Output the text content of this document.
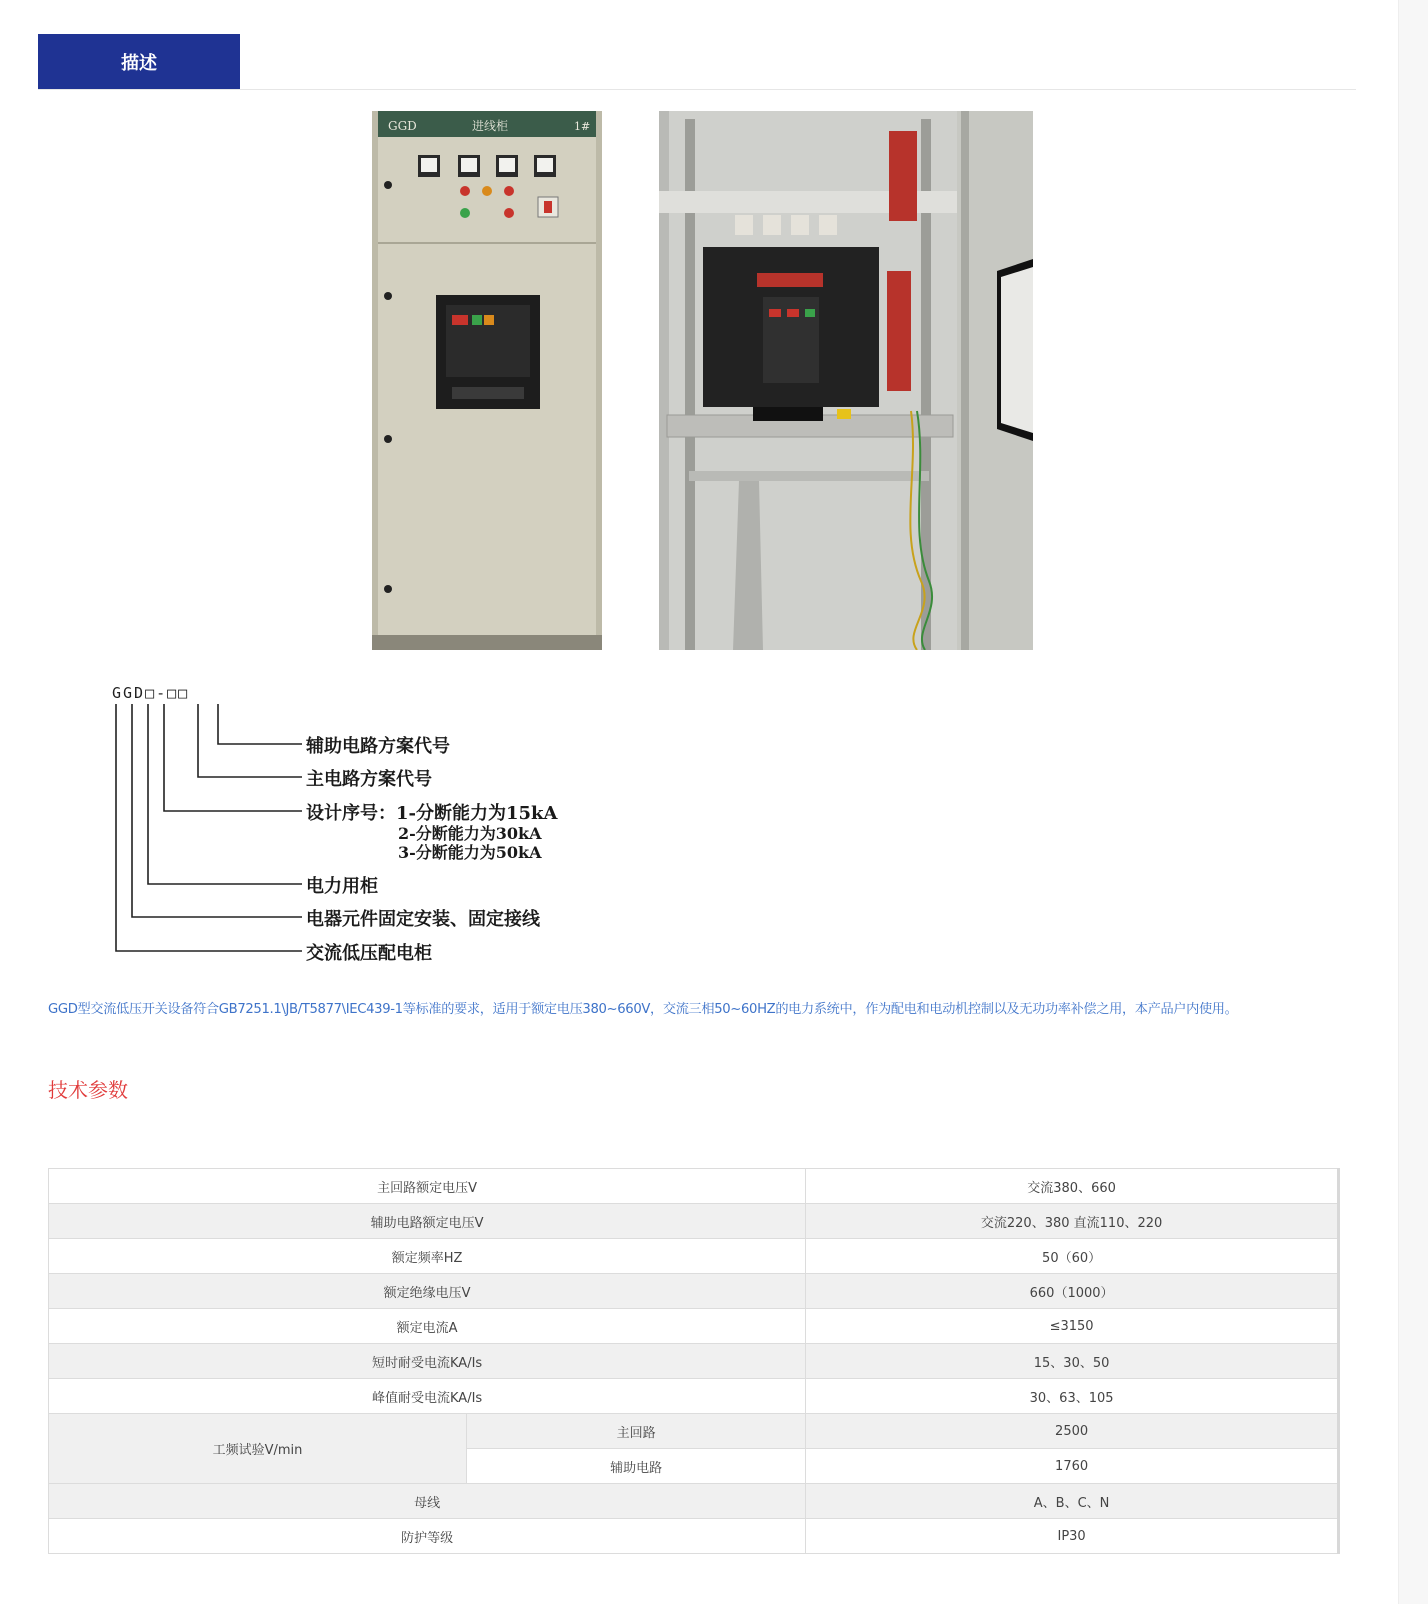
描述
GGD	进线柜	1#
GGD□-□□
辅助电路方案代号
主电路方案代号
设计序号：1-分断能力为15kA
2-分断能力为30kA
3-分断能力为50kA
电力用柜
电器元件固定安装、固定接线
交流低压配电柜
GGD型交流低压开关设备符合GB7251.1\JB/T5877\IEC439-1等标准的要求，适用于额定电压380~660V，交流三相50~60HZ的电力系统中，作为配电和电动机控制以及无功功率补偿之用，本产品户内使用。
技术参数
主回路额定电压V		交流380、660
辅助电路额定电压V		交流220、380 直流110、220
额定频率HZ		50（60）
额定绝缘电压V		660（1000）
额定电流A		≤3150
短时耐受电流KA/Is		15、30、50
峰值耐受电流KA/Is		30、63、105
工频试验V/min	主回路	2500
	辅助电路	1760
母线		A、B、C、N
防护等级		IP30
